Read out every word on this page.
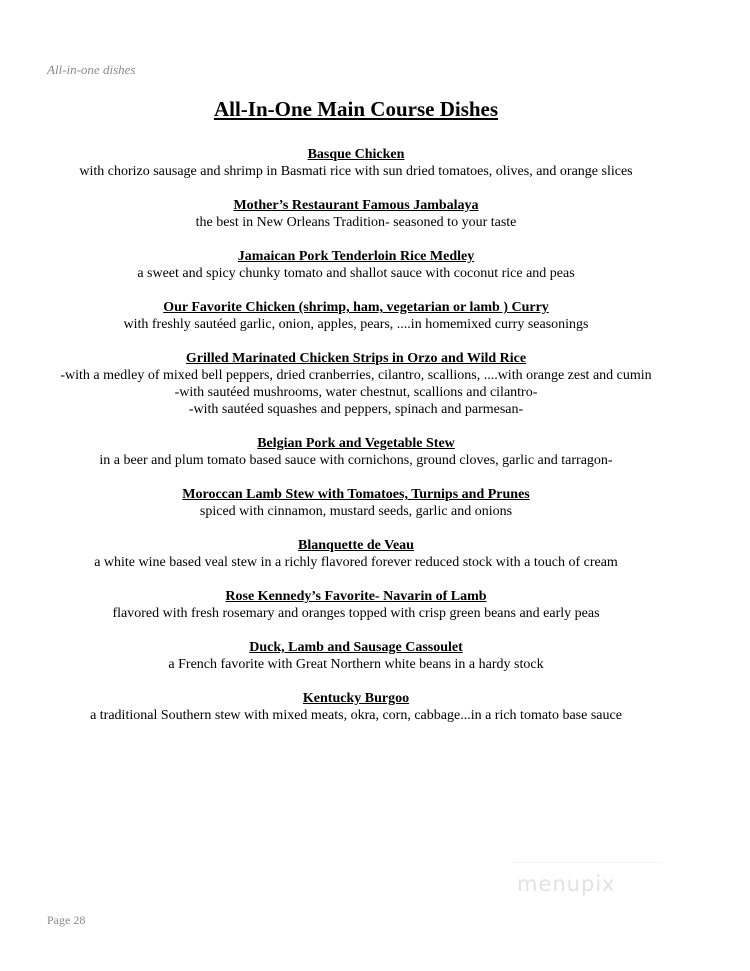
All-in-one dishes
All-In-One Main Course Dishes
Basque Chicken
with chorizo sausage and shrimp in Basmati rice with sun dried tomatoes, olives, and orange slices
Mother’s Restaurant Famous Jambalaya
the best in New Orleans Tradition- seasoned to your taste
Jamaican Pork Tenderloin Rice Medley
a sweet and spicy chunky tomato and shallot sauce with coconut rice and peas
Our Favorite Chicken (shrimp, ham, vegetarian or lamb ) Curry
with freshly sautéed garlic, onion, apples, pears, ....in homemixed curry seasonings
Grilled Marinated Chicken Strips in Orzo and Wild Rice
-with a medley of mixed bell peppers, dried cranberries, cilantro, scallions, ....with orange zest and cumin
-with sautéed mushrooms, water chestnut, scallions and cilantro-
-with sautéed squashes and peppers, spinach and parmesan-
Belgian Pork and Vegetable Stew
in a beer and plum tomato based sauce with cornichons, ground cloves, garlic and tarragon-
Moroccan Lamb Stew with Tomatoes, Turnips and Prunes
spiced with cinnamon, mustard seeds, garlic and onions
Blanquette de Veau
a white wine based veal stew in a richly flavored forever reduced stock with a touch of cream
Rose Kennedy’s Favorite- Navarin of Lamb
flavored with fresh rosemary and oranges topped with crisp green beans and early peas
Duck, Lamb and Sausage Cassoulet
a French favorite with Great Northern white beans in a hardy stock
Kentucky Burgoo
a traditional Southern stew with mixed meats, okra, corn, cabbage...in a rich tomato base sauce
menupix
Page 28
